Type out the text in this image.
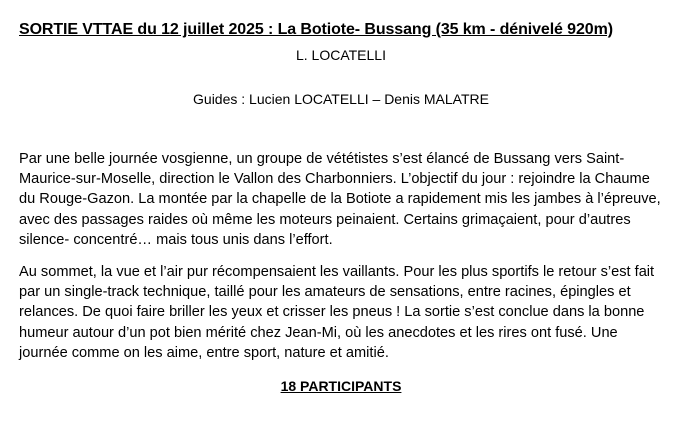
SORTIE VTTAE du 12 juillet 2025 : La Botiote- Bussang (35 km - dénivelé 920m)
L. LOCATELLI
Guides : Lucien LOCATELLI – Denis MALATRE
Par une belle journée vosgienne, un groupe de vététistes s’est élancé de Bussang vers Saint-
Maurice-sur-Moselle, direction le Vallon des Charbonniers. L’objectif du jour : rejoindre la Chaume
du Rouge-Gazon. La montée par la chapelle de la Botiote a rapidement mis les jambes à l’épreuve,
avec des passages raides où même les moteurs peinaient. Certains grimaçaient, pour d’autres
silence- concentré… mais tous unis dans l’effort.
Au sommet, la vue et l’air pur récompensaient les vaillants. Pour les plus sportifs le retour s’est fait
par un single-track technique, taillé pour les amateurs de sensations, entre racines, épingles et
relances. De quoi faire briller les yeux et crisser les pneus ! La sortie s’est conclue dans la bonne
humeur autour d’un pot bien mérité chez Jean-Mi, où les anecdotes et les rires ont fusé. Une
journée comme on les aime, entre sport, nature et amitié.
18 PARTICIPANTS
